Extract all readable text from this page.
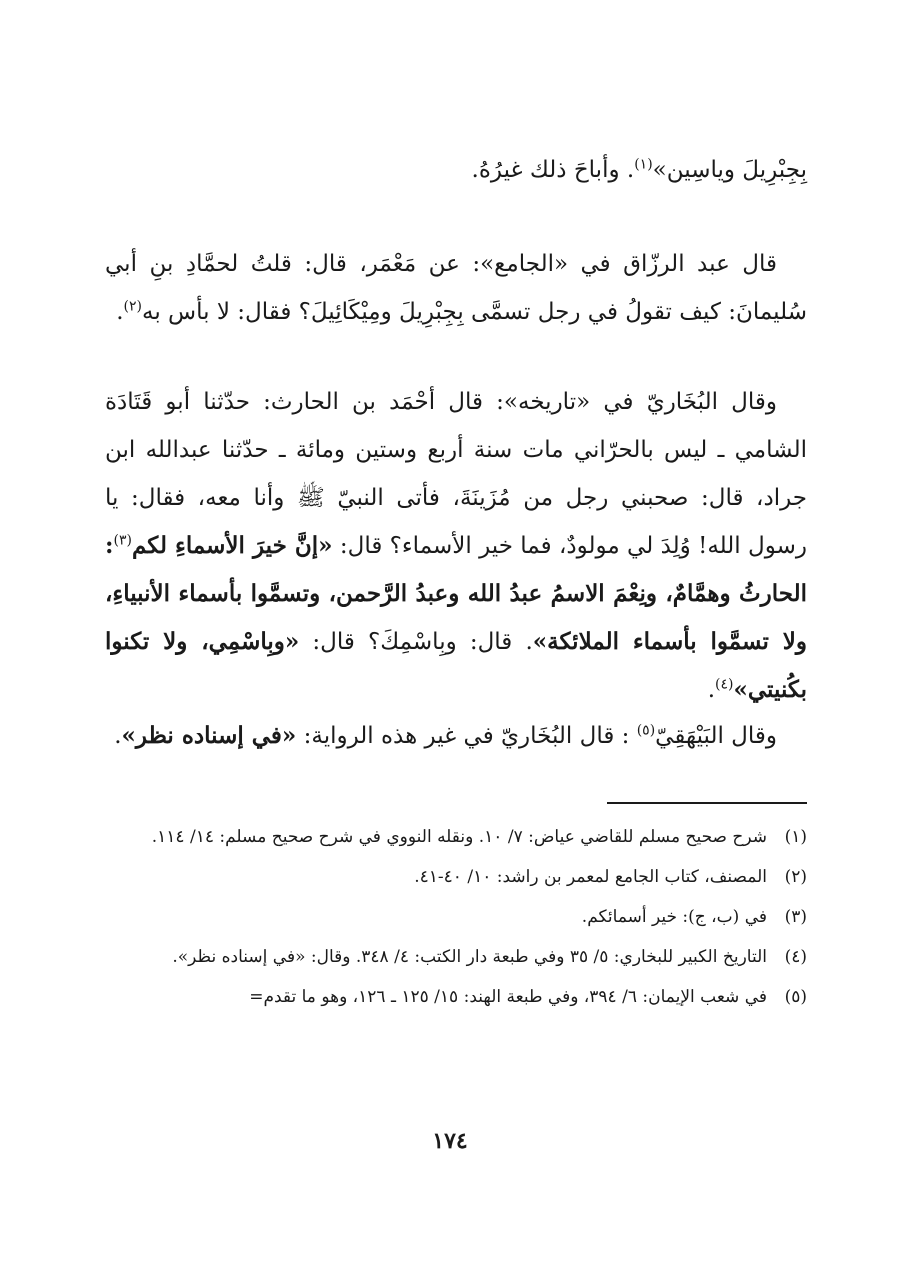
بِجِبْرِيلَ وياسِين»$^{(١)}$. وأباحَ ذلك غيرُهُ.

قال عبد الرزّاق في «الجامع»: عن مَعْمَر، قال: قلتُ لحمَّادِ بنِ أبي سُليمانَ: كيف تقولُ في رجل تسمَّى بِجِبْرِيلَ ومِيْكَائِيلَ؟ فقال: لا بأس به$^{(٢)}$.

وقال البُخَاريّ في «تاريخه»: قال أحْمَد بن الحارث: حدّثنا أبو قَتَادَة الشامي ـ ليس بالحرّاني مات سنة أربع وستين ومائة ـ حدّثنا عبدالله ابن جراد، قال: صحبني رجل من مُزَينَةَ، فأتى النبيّ ﷺ وأنا معه، فقال: يا رسول الله! وُلِدَ لي مولودٌ، فما خير الأسماء؟ قال: «إنَّ خيرَ الأسماءِ لكم$^{(٣)}$: الحارثُ وهمَّامٌ، ونِعْمَ الاسمُ عبدُ الله وعبدُ الرَّحمن، وتسمَّوا بأسماء الأنبياءِ، ولا تسمَّوا بأسماء الملائكة». قال: وبِاسْمِكَ؟ قال: «وبِاسْمِي، ولا تكنوا بكُنيتي»$^{(٤)}$.

وقال البَيْهَقِيّ$^{(٥)}$ : قال البُخَاريّ في غير هذه الرواية: «في إسناده نظر».

(١)
شرح صحيح مسلم للقاضي عياض: ٧/ ١٠. ونقله النووي في شرح صحيح مسلم: ١٤/ ١١٤.
(٢)
المصنف، كتاب الجامع لمعمر بن راشد: ١٠/ ٤٠-٤١.
(٣)
في (ب، ج): خير أسمائكم.
(٤)
التاريخ الكبير للبخاري: ٥/ ٣٥ وفي طبعة دار الكتب: ٤/ ٣٤٨. وقال: «في إسناده نظر».
(٥)
في شعب الإيمان: ٦/ ٣٩٤، وفي طبعة الهند: ١٥/ ١٢٥ ـ ١٢٦، وهو ما تقدم=
١٧٤
